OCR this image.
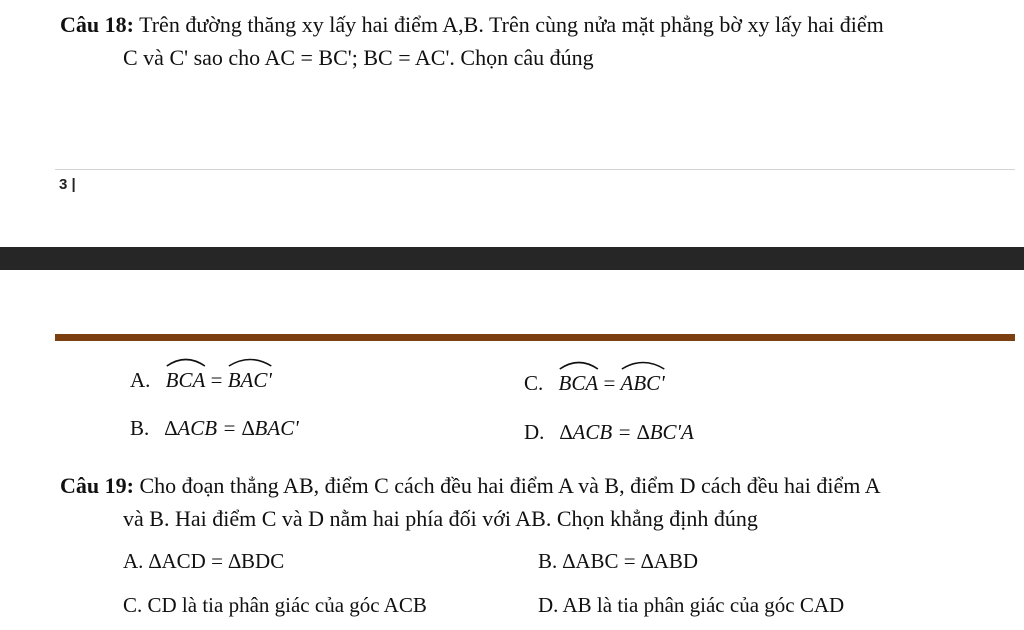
Câu 18: Trên đường thăng xy lấy hai điểm A,B. Trên cùng nửa mặt phẳng bờ xy lấy hai điểm
C và C' sao cho AC = BC'; BC = AC'. Chọn câu đúng
3 |
A. BCA = BAC'	C. BCA = ABC'
B. ∆ACB = ∆BAC'	D. ∆ACB = ∆BC'A
Câu 19: Cho đoạn thẳng AB, điểm C cách đều hai điểm A và B, điểm D cách đều hai điểm A
và B. Hai điểm C và D nằm hai phía đối với AB. Chọn khẳng định đúng
A. ∆ACD = ∆BDC	B. ∆ABC = ∆ABD
C. CD là tia phân giác của góc ACB	D. AB là tia phân giác của góc CAD
